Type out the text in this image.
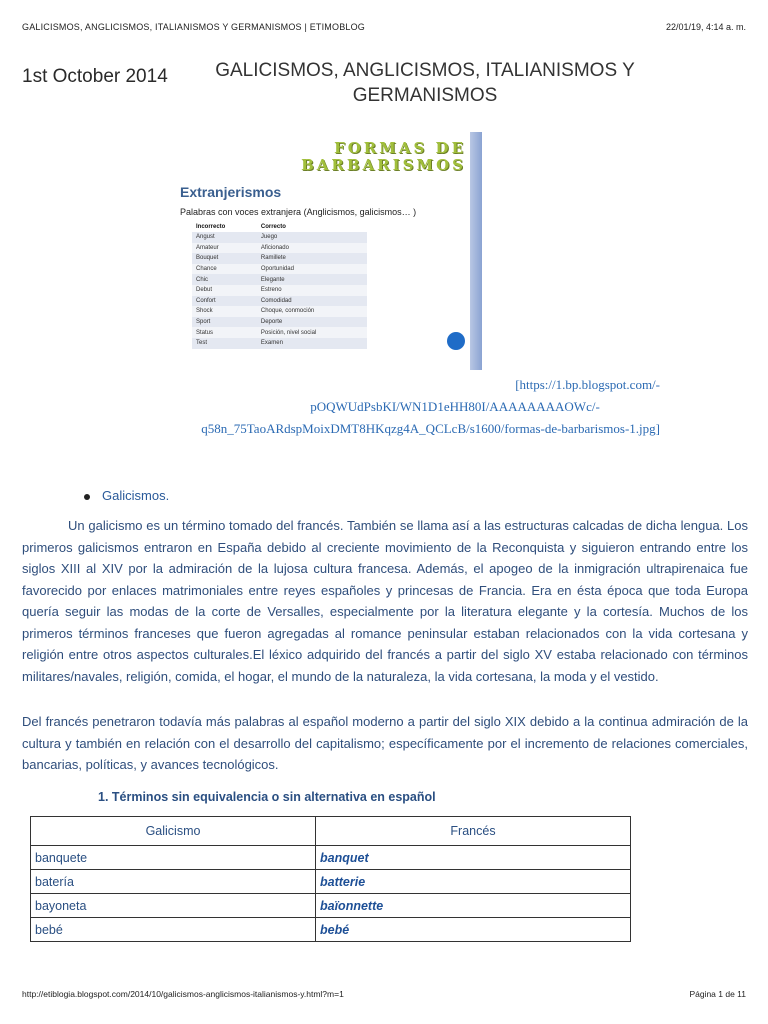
GALICISMOS, ANGLICISMOS, ITALIANISMOS Y GERMANISMOS | ETIMOBLOG	22/01/19, 4:14 a. m.
1st October 2014 GALICISMOS, ANGLICISMOS, ITALIANISMOS Y
GERMANISMOS
FORMAS DE
BARBARISMOS
Extranjerismos
Palabras con voces extranjera (Anglicismos, galicismos… )
Incorrecto	Correcto
Angust	Juego
Amateur	Aficionado
Bouquet	Ramillete
Chance	Oportunidad
Chic	Elegante
Debut	Estreno
Confort	Comodidad
Shock	Choque, conmoción
Sport	Deporte
Status	Posición, nivel social
Test	Examen
[https://1.bp.blogspot.com/-
pOQWUdPsbKI/WN1D1eHH80I/AAAAAAAAOWc/-
q58n_75TaoARdspMoixDMT8HKqzg4A_QCLcB/s1600/formas-de-barbarismos-1.jpg]
Galicismos.
Un galicismo es un término tomado del francés. También se llama así a las estructuras calcadas de dicha lengua. Los primeros galicismos entraron en España debido al creciente movimiento de la Reconquista y siguieron entrando entre los siglos XIII al XIV por la admiración de la lujosa cultura francesa. Además, el apogeo de la inmigración ultrapirenaica fue favorecido por enlaces matrimoniales entre reyes españoles y princesas de Francia. Era en ésta época que toda Europa quería seguir las modas de la corte de Versalles, especialmente por la literatura elegante y la cortesía. Muchos de los primeros términos franceses que fueron agregadas al romance peninsular estaban relacionados con la vida cortesana y religión entre otros aspectos culturales.El léxico adquirido del francés a partir del siglo XV estaba relacionado con términos militares/navales, religión, comida, el hogar, el mundo de la naturaleza, la vida cortesana, la moda y el vestido.
Del francés penetraron todavía más palabras al español moderno a partir del siglo XIX debido a la continua admiración de la cultura y también en relación con el desarrollo del capitalismo; específicamente por el incremento de relaciones comerciales, bancarias, políticas, y avances tecnológicos.
1. Términos sin equivalencia o sin alternativa en español
Galicismo	Francés
banquete	banquet
batería	batterie
bayoneta	baïonnette
bebé	bebé
http://etiblogia.blogspot.com/2014/10/galicismos-anglicismos-italianismos-y.html?m=1	Página 1 de 11
